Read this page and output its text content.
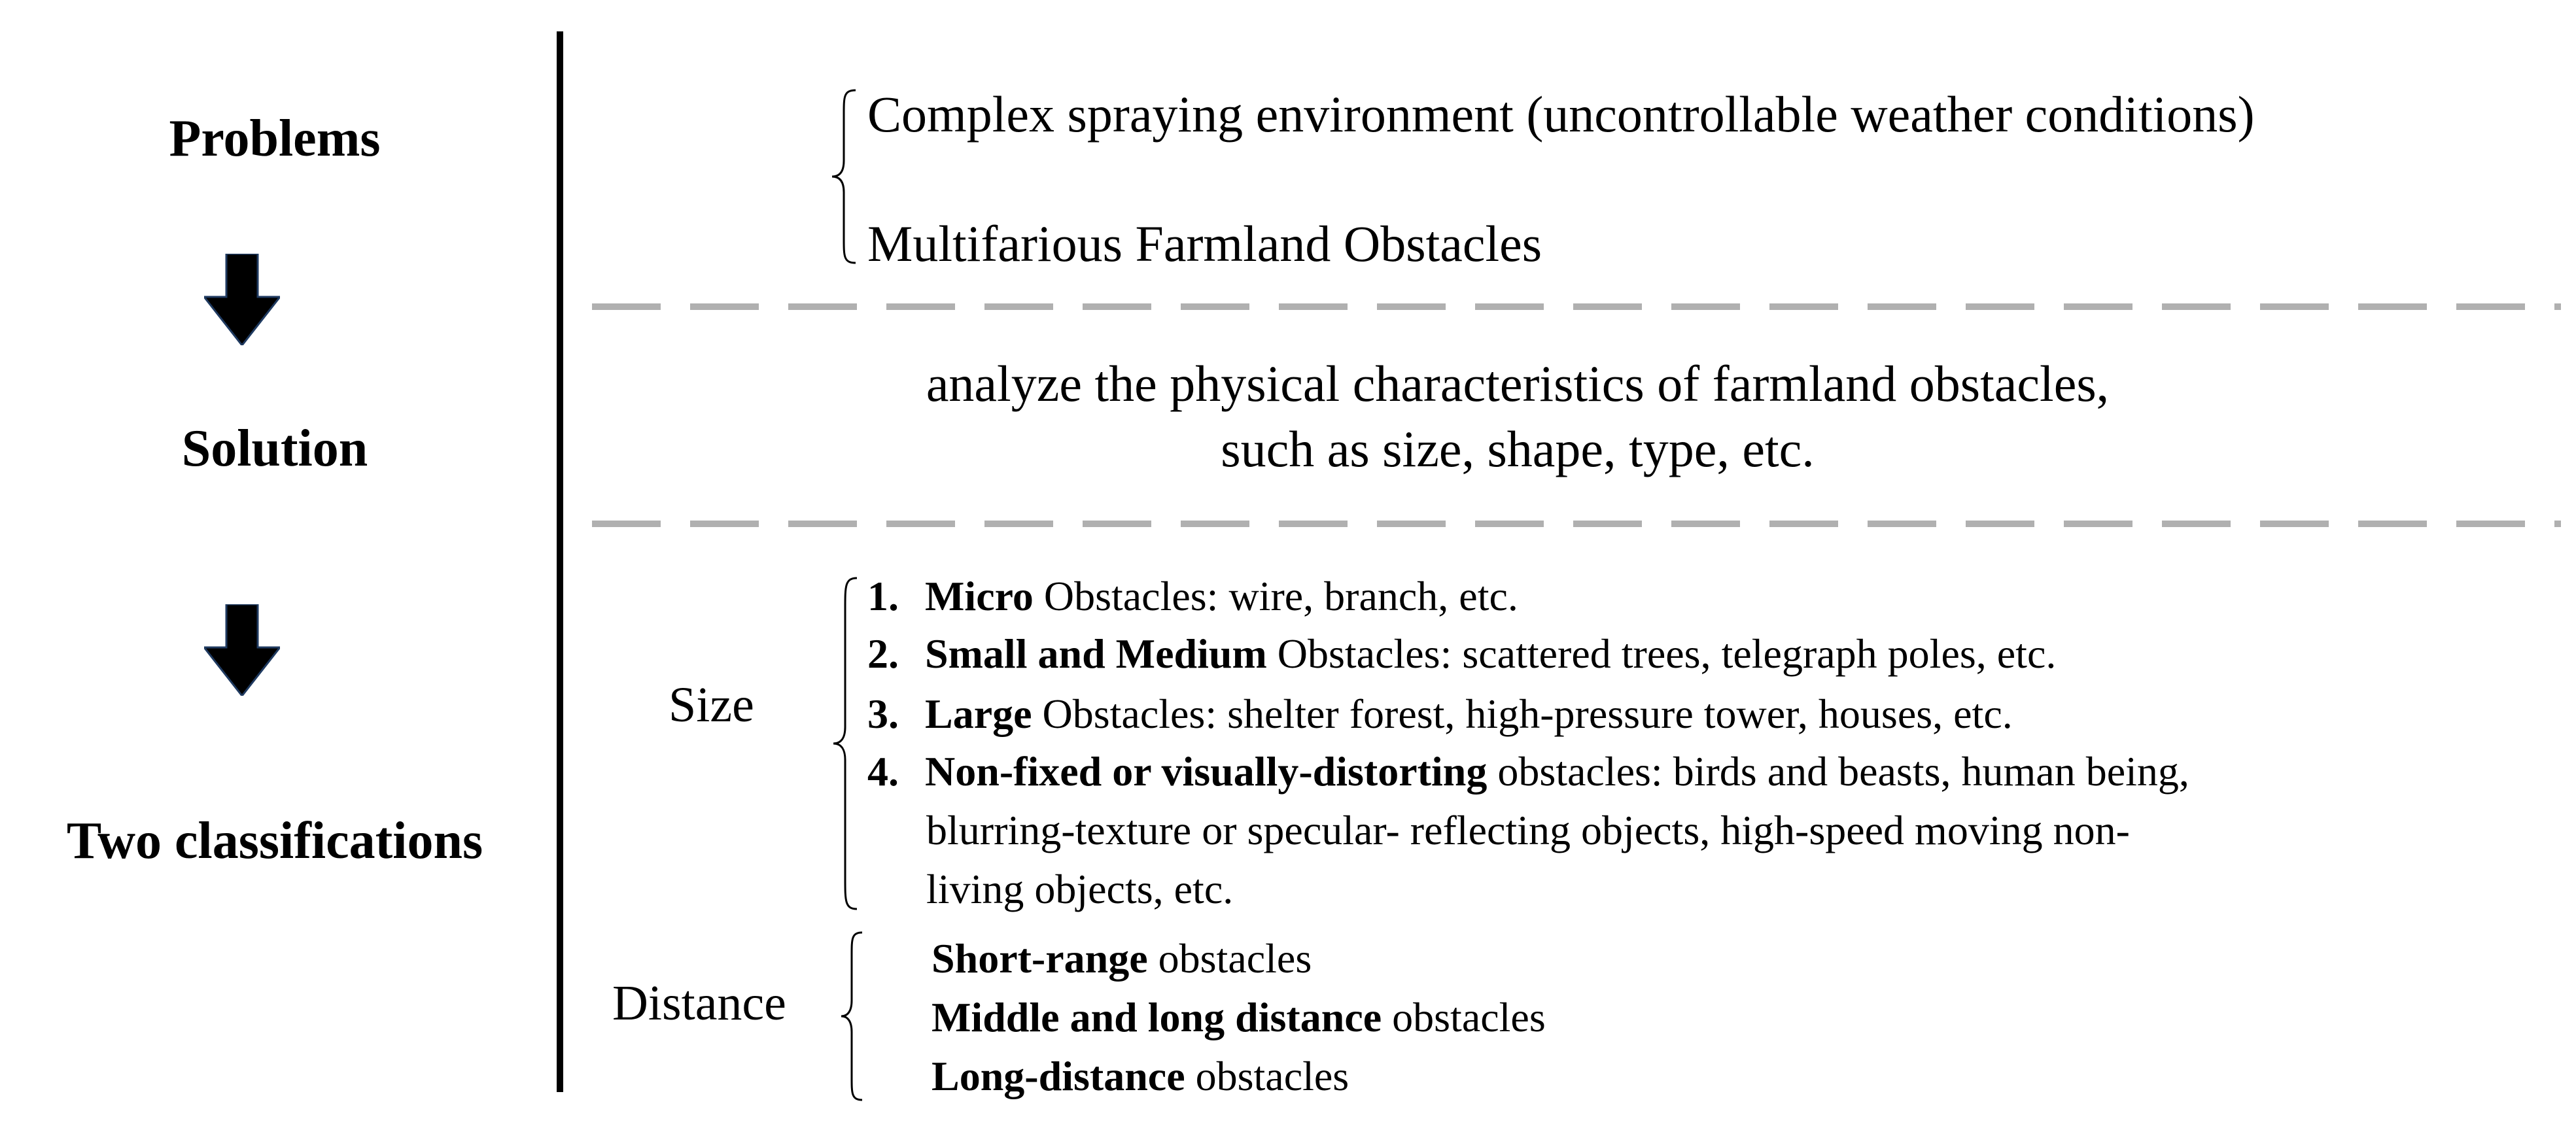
Problems
Solution
Two classifications
Complex spraying environment (uncontrollable weather conditions)
Multifarious Farmland Obstacles
analyze the physical characteristics of farmland obstacles,
such as size, shape, type, etc.
Size
1. Micro Obstacles: wire, branch, etc.
2. Small and Medium Obstacles: scattered trees, telegraph poles, etc.
3. Large Obstacles: shelter forest, high-pressure tower, houses, etc.
4. Non-fixed or visually-distorting obstacles: birds and beasts, human being,
blurring-texture or specular- reflecting objects, high-speed moving non-
living objects, etc.
Distance
Short-range obstacles
Middle and long distance obstacles
Long-distance obstacles
